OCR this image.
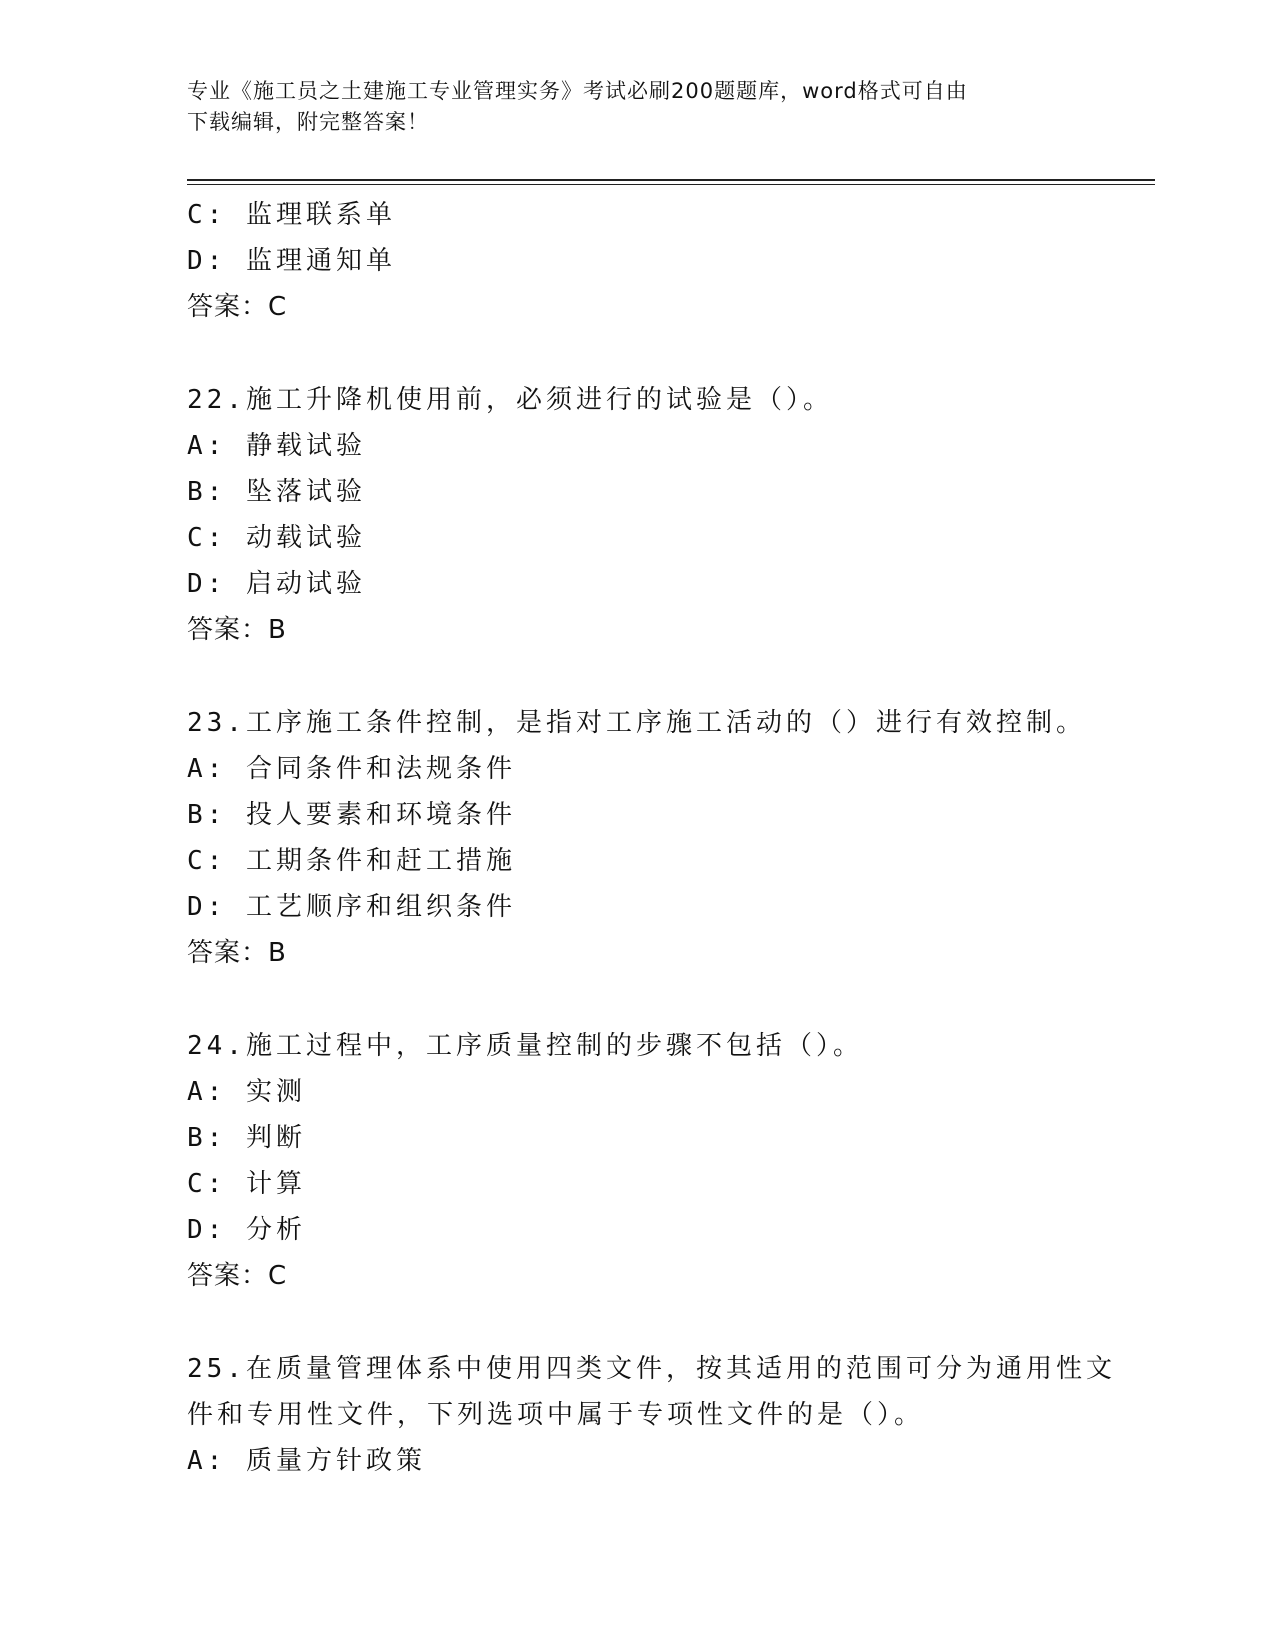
专业《施工员之土建施工专业管理实务》考试必刷200题题库，word格式可自由
下载编辑，附完整答案！
C: 监理联系单
D: 监理通知单
答案：C
22.施工升降机使用前，必须进行的试验是（）。
A: 静载试验
B: 坠落试验
C: 动载试验
D: 启动试验
答案：B
23.工序施工条件控制，是指对工序施工活动的（）进行有效控制。
A: 合同条件和法规条件
B: 投人要素和环境条件
C: 工期条件和赶工措施
D: 工艺顺序和组织条件
答案：B
24.施工过程中，工序质量控制的步骤不包括（）。
A: 实测
B: 判断
C: 计算
D: 分析
答案：C
25.在质量管理体系中使用四类文件，按其适用的范围可分为通用性文
件和专用性文件，下列选项中属于专项性文件的是（）。
A: 质量方针政策
